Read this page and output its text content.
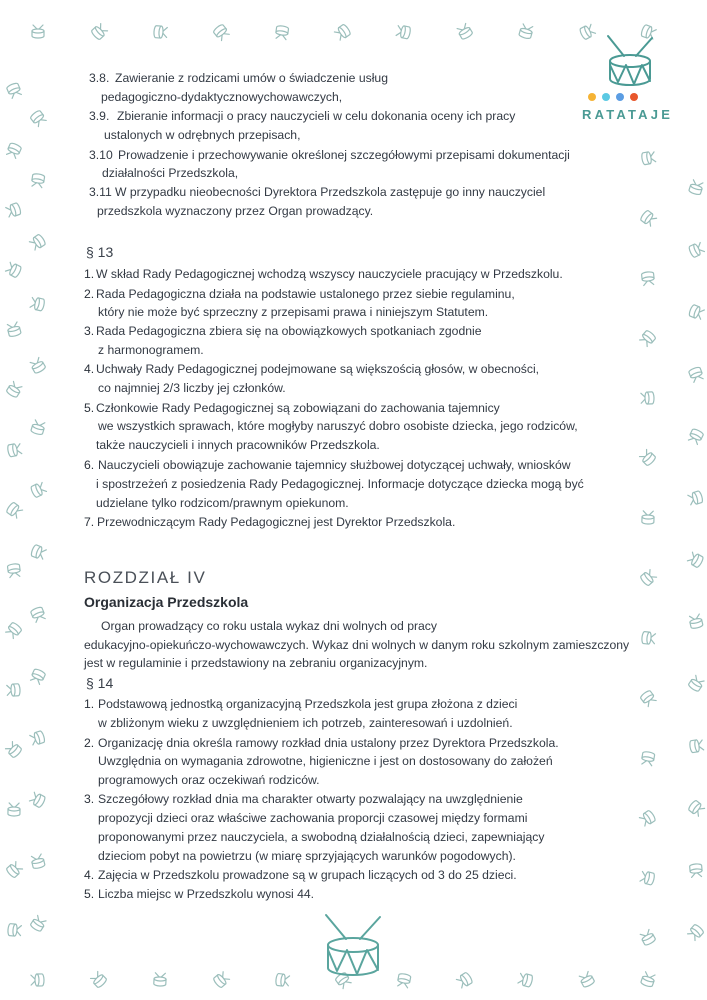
RATATAJE
3.8. Zawieranie z rodzicami umów o świadczenie usług
pedagogiczno-dydaktycznowychowawczych,
3.9. Zbieranie informacji o pracy nauczycieli w celu dokonania oceny ich pracy
ustalonych w odrębnych przepisach,
3.10 Prowadzenie i przechowywanie określonej szczegółowymi przepisami dokumentacji
działalności Przedszkola,
3.11 W przypadku nieobecności Dyrektora Przedszkola zastępuje go inny nauczyciel
przedszkola wyznaczony przez Organ prowadzący.
§ 13
1. W skład Rady Pedagogicznej wchodzą wszyscy nauczyciele pracujący w Przedszkolu.
2. Rada Pedagogiczna działa na podstawie ustalonego przez siebie regulaminu,
który nie może być sprzeczny z przepisami prawa i niniejszym Statutem.
3. Rada Pedagogiczna zbiera się na obowiązkowych spotkaniach zgodnie
z harmonogramem.
4. Uchwały Rady Pedagogicznej podejmowane są większością głosów, w obecności,
co najmniej 2/3 liczby jej członków.
5. Członkowie Rady Pedagogicznej są zobowiązani do zachowania tajemnicy
we wszystkich sprawach, które mogłyby naruszyć dobro osobiste dziecka, jego rodziców,
także nauczycieli i innych pracowników Przedszkola.
6. Nauczycieli obowiązuje zachowanie tajemnicy służbowej dotyczącej uchwały, wniosków
i spostrzeżeń z posiedzenia Rady Pedagogicznej. Informacje dotyczące dziecka mogą być
udzielane tylko rodzicom/prawnym opiekunom.
7. Przewodniczącym Rady Pedagogicznej jest Dyrektor Przedszkola.
ROZDZIAŁ IV
Organizacja Przedszkola
Organ prowadzący co roku ustala wykaz dni wolnych od pracy
edukacyjno-opiekuńczo-wychowawczych. Wykaz dni wolnych w danym roku szkolnym zamieszczony
jest w regulaminie i przedstawiony na zebraniu organizacyjnym.
§ 14
1. Podstawową jednostką organizacyjną Przedszkola jest grupa złożona z dzieci
w zbliżonym wieku z uwzględnieniem ich potrzeb, zainteresowań i uzdolnień.
2. Organizację dnia określa ramowy rozkład dnia ustalony przez Dyrektora Przedszkola.
Uwzględnia on wymagania zdrowotne, higieniczne i jest on dostosowany do założeń
programowych oraz oczekiwań rodziców.
3. Szczegółowy rozkład dnia ma charakter otwarty pozwalający na uwzględnienie
propozycji dzieci oraz właściwe zachowania proporcji czasowej między formami
proponowanymi przez nauczyciela, a swobodną działalnością dzieci, zapewniający
dzieciom pobyt na powietrzu (w miarę sprzyjających warunków pogodowych).
4. Zajęcia w Przedszkolu prowadzone są w grupach liczących od 3 do 25 dzieci.
5. Liczba miejsc w Przedszkolu wynosi 44.
